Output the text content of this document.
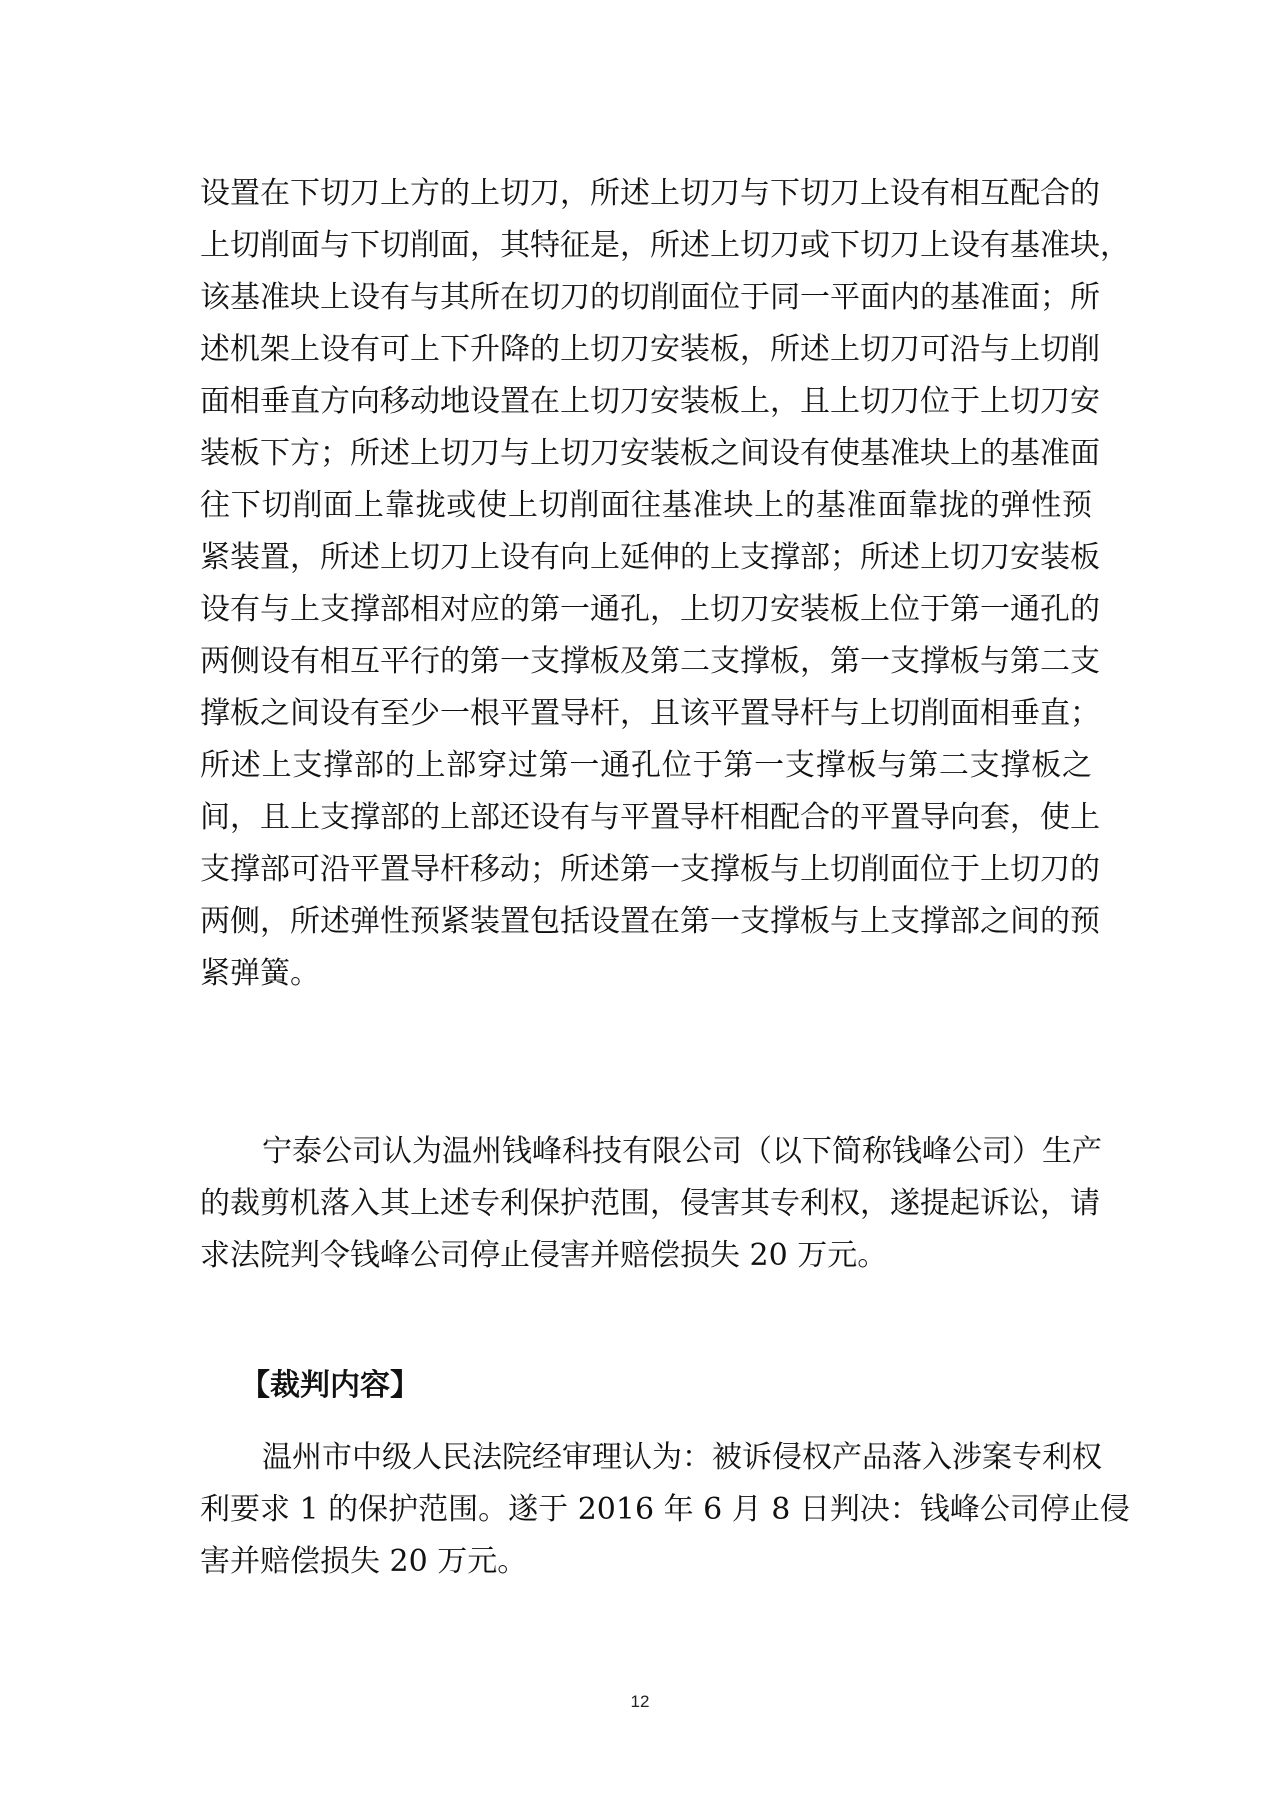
设置在下切刀上方的上切刀，所述上切刀与下切刀上设有相互配合的
上切削面与下切削面，其特征是，所述上切刀或下切刀上设有基准块，
该基准块上设有与其所在切刀的切削面位于同一平面内的基准面；所
述机架上设有可上下升降的上切刀安装板，所述上切刀可沿与上切削
面相垂直方向移动地设置在上切刀安装板上，且上切刀位于上切刀安
装板下方；所述上切刀与上切刀安装板之间设有使基准块上的基准面
往下切削面上靠拢或使上切削面往基准块上的基准面靠拢的弹性预
紧装置，所述上切刀上设有向上延伸的上支撑部；所述上切刀安装板
设有与上支撑部相对应的第一通孔，上切刀安装板上位于第一通孔的
两侧设有相互平行的第一支撑板及第二支撑板，第一支撑板与第二支
撑板之间设有至少一根平置导杆，且该平置导杆与上切削面相垂直；
所述上支撑部的上部穿过第一通孔位于第一支撑板与第二支撑板之
间，且上支撑部的上部还设有与平置导杆相配合的平置导向套，使上
支撑部可沿平置导杆移动；所述第一支撑板与上切削面位于上切刀的
两侧，所述弹性预紧装置包括设置在第一支撑板与上支撑部之间的预
紧弹簧。
宁泰公司认为温州钱峰科技有限公司（以下简称钱峰公司）生产
的裁剪机落入其上述专利保护范围，侵害其专利权，遂提起诉讼，请
求法院判令钱峰公司停止侵害并赔偿损失 20 万元。
【裁判内容】
温州市中级人民法院经审理认为：被诉侵权产品落入涉案专利权
利要求 1 的保护范围。遂于 2016 年 6 月 8 日判决：钱峰公司停止侵
害并赔偿损失 20 万元。
12
